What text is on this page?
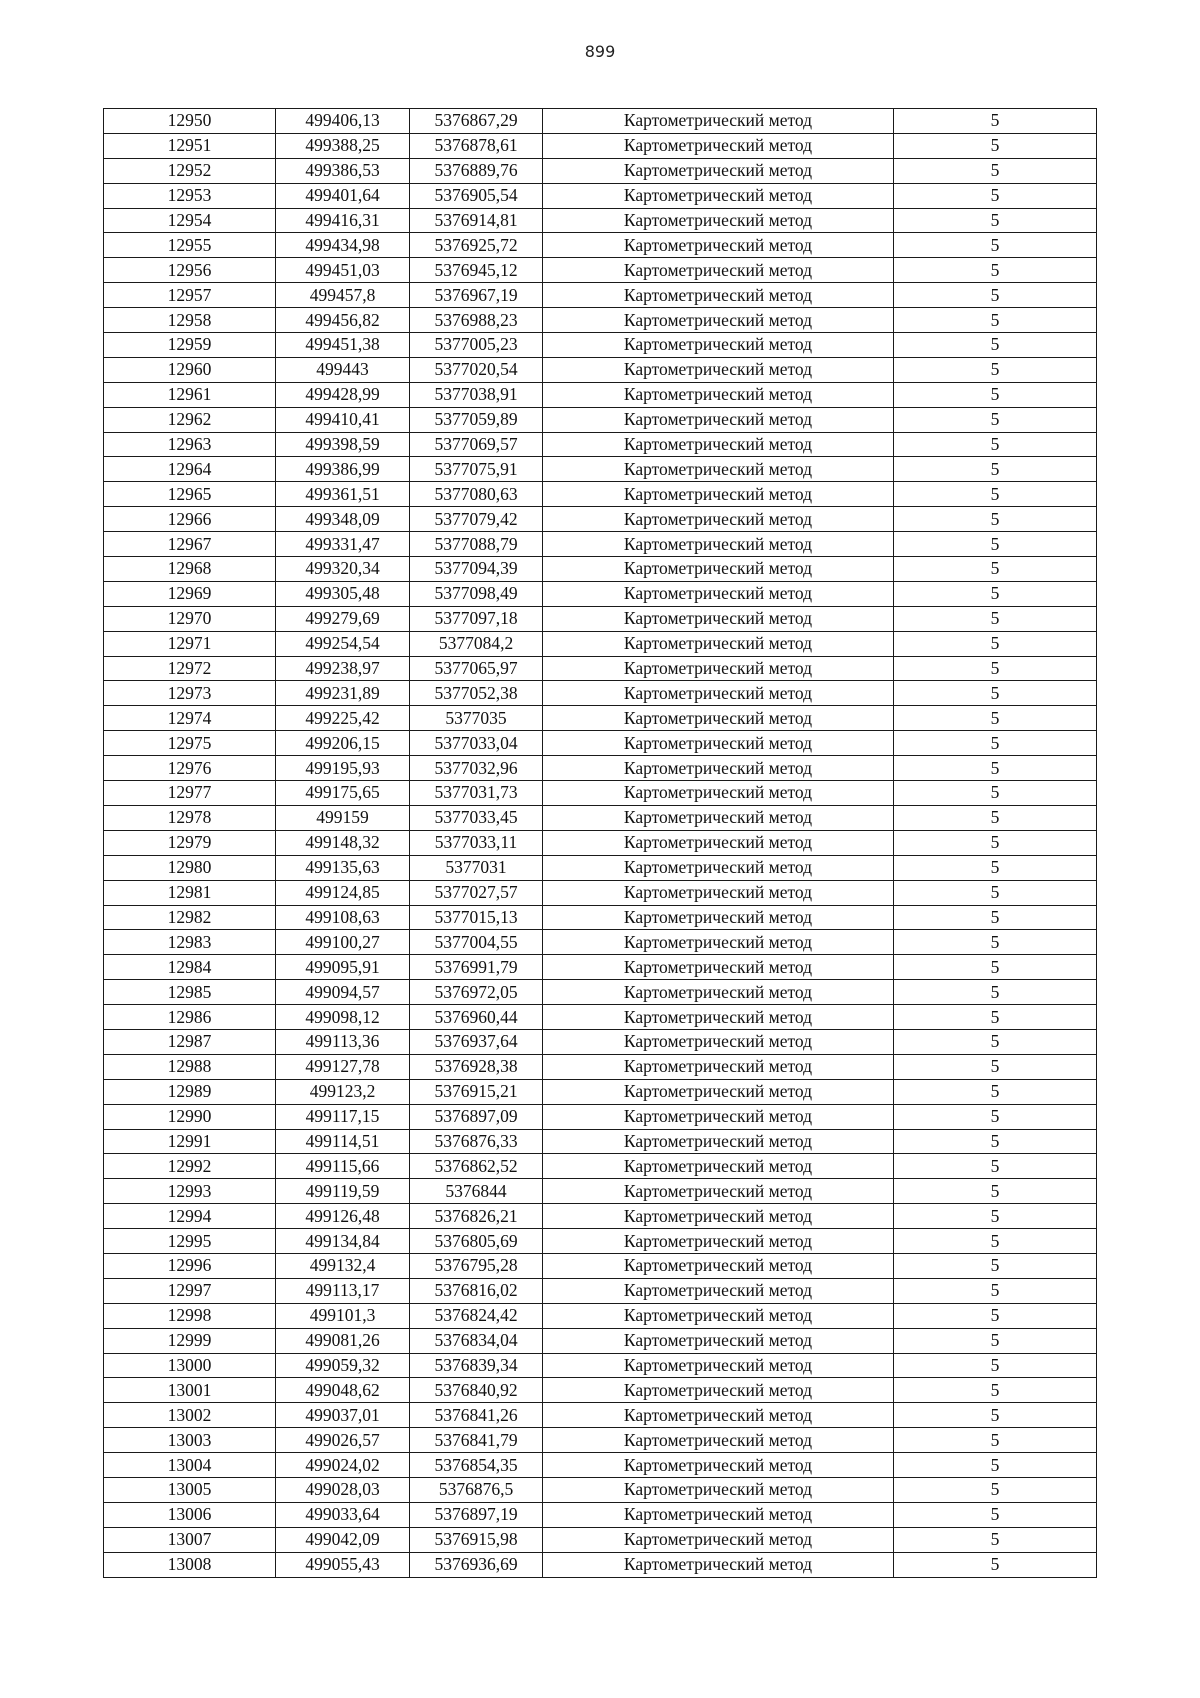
899
12950	499406,13	5376867,29	Картометрический метод	5
12951	499388,25	5376878,61	Картометрический метод	5
12952	499386,53	5376889,76	Картометрический метод	5
12953	499401,64	5376905,54	Картометрический метод	5
12954	499416,31	5376914,81	Картометрический метод	5
12955	499434,98	5376925,72	Картометрический метод	5
12956	499451,03	5376945,12	Картометрический метод	5
12957	499457,8	5376967,19	Картометрический метод	5
12958	499456,82	5376988,23	Картометрический метод	5
12959	499451,38	5377005,23	Картометрический метод	5
12960	499443	5377020,54	Картометрический метод	5
12961	499428,99	5377038,91	Картометрический метод	5
12962	499410,41	5377059,89	Картометрический метод	5
12963	499398,59	5377069,57	Картометрический метод	5
12964	499386,99	5377075,91	Картометрический метод	5
12965	499361,51	5377080,63	Картометрический метод	5
12966	499348,09	5377079,42	Картометрический метод	5
12967	499331,47	5377088,79	Картометрический метод	5
12968	499320,34	5377094,39	Картометрический метод	5
12969	499305,48	5377098,49	Картометрический метод	5
12970	499279,69	5377097,18	Картометрический метод	5
12971	499254,54	5377084,2	Картометрический метод	5
12972	499238,97	5377065,97	Картометрический метод	5
12973	499231,89	5377052,38	Картометрический метод	5
12974	499225,42	5377035	Картометрический метод	5
12975	499206,15	5377033,04	Картометрический метод	5
12976	499195,93	5377032,96	Картометрический метод	5
12977	499175,65	5377031,73	Картометрический метод	5
12978	499159	5377033,45	Картометрический метод	5
12979	499148,32	5377033,11	Картометрический метод	5
12980	499135,63	5377031	Картометрический метод	5
12981	499124,85	5377027,57	Картометрический метод	5
12982	499108,63	5377015,13	Картометрический метод	5
12983	499100,27	5377004,55	Картометрический метод	5
12984	499095,91	5376991,79	Картометрический метод	5
12985	499094,57	5376972,05	Картометрический метод	5
12986	499098,12	5376960,44	Картометрический метод	5
12987	499113,36	5376937,64	Картометрический метод	5
12988	499127,78	5376928,38	Картометрический метод	5
12989	499123,2	5376915,21	Картометрический метод	5
12990	499117,15	5376897,09	Картометрический метод	5
12991	499114,51	5376876,33	Картометрический метод	5
12992	499115,66	5376862,52	Картометрический метод	5
12993	499119,59	5376844	Картометрический метод	5
12994	499126,48	5376826,21	Картометрический метод	5
12995	499134,84	5376805,69	Картометрический метод	5
12996	499132,4	5376795,28	Картометрический метод	5
12997	499113,17	5376816,02	Картометрический метод	5
12998	499101,3	5376824,42	Картометрический метод	5
12999	499081,26	5376834,04	Картометрический метод	5
13000	499059,32	5376839,34	Картометрический метод	5
13001	499048,62	5376840,92	Картометрический метод	5
13002	499037,01	5376841,26	Картометрический метод	5
13003	499026,57	5376841,79	Картометрический метод	5
13004	499024,02	5376854,35	Картометрический метод	5
13005	499028,03	5376876,5	Картометрический метод	5
13006	499033,64	5376897,19	Картометрический метод	5
13007	499042,09	5376915,98	Картометрический метод	5
13008	499055,43	5376936,69	Картометрический метод	5
